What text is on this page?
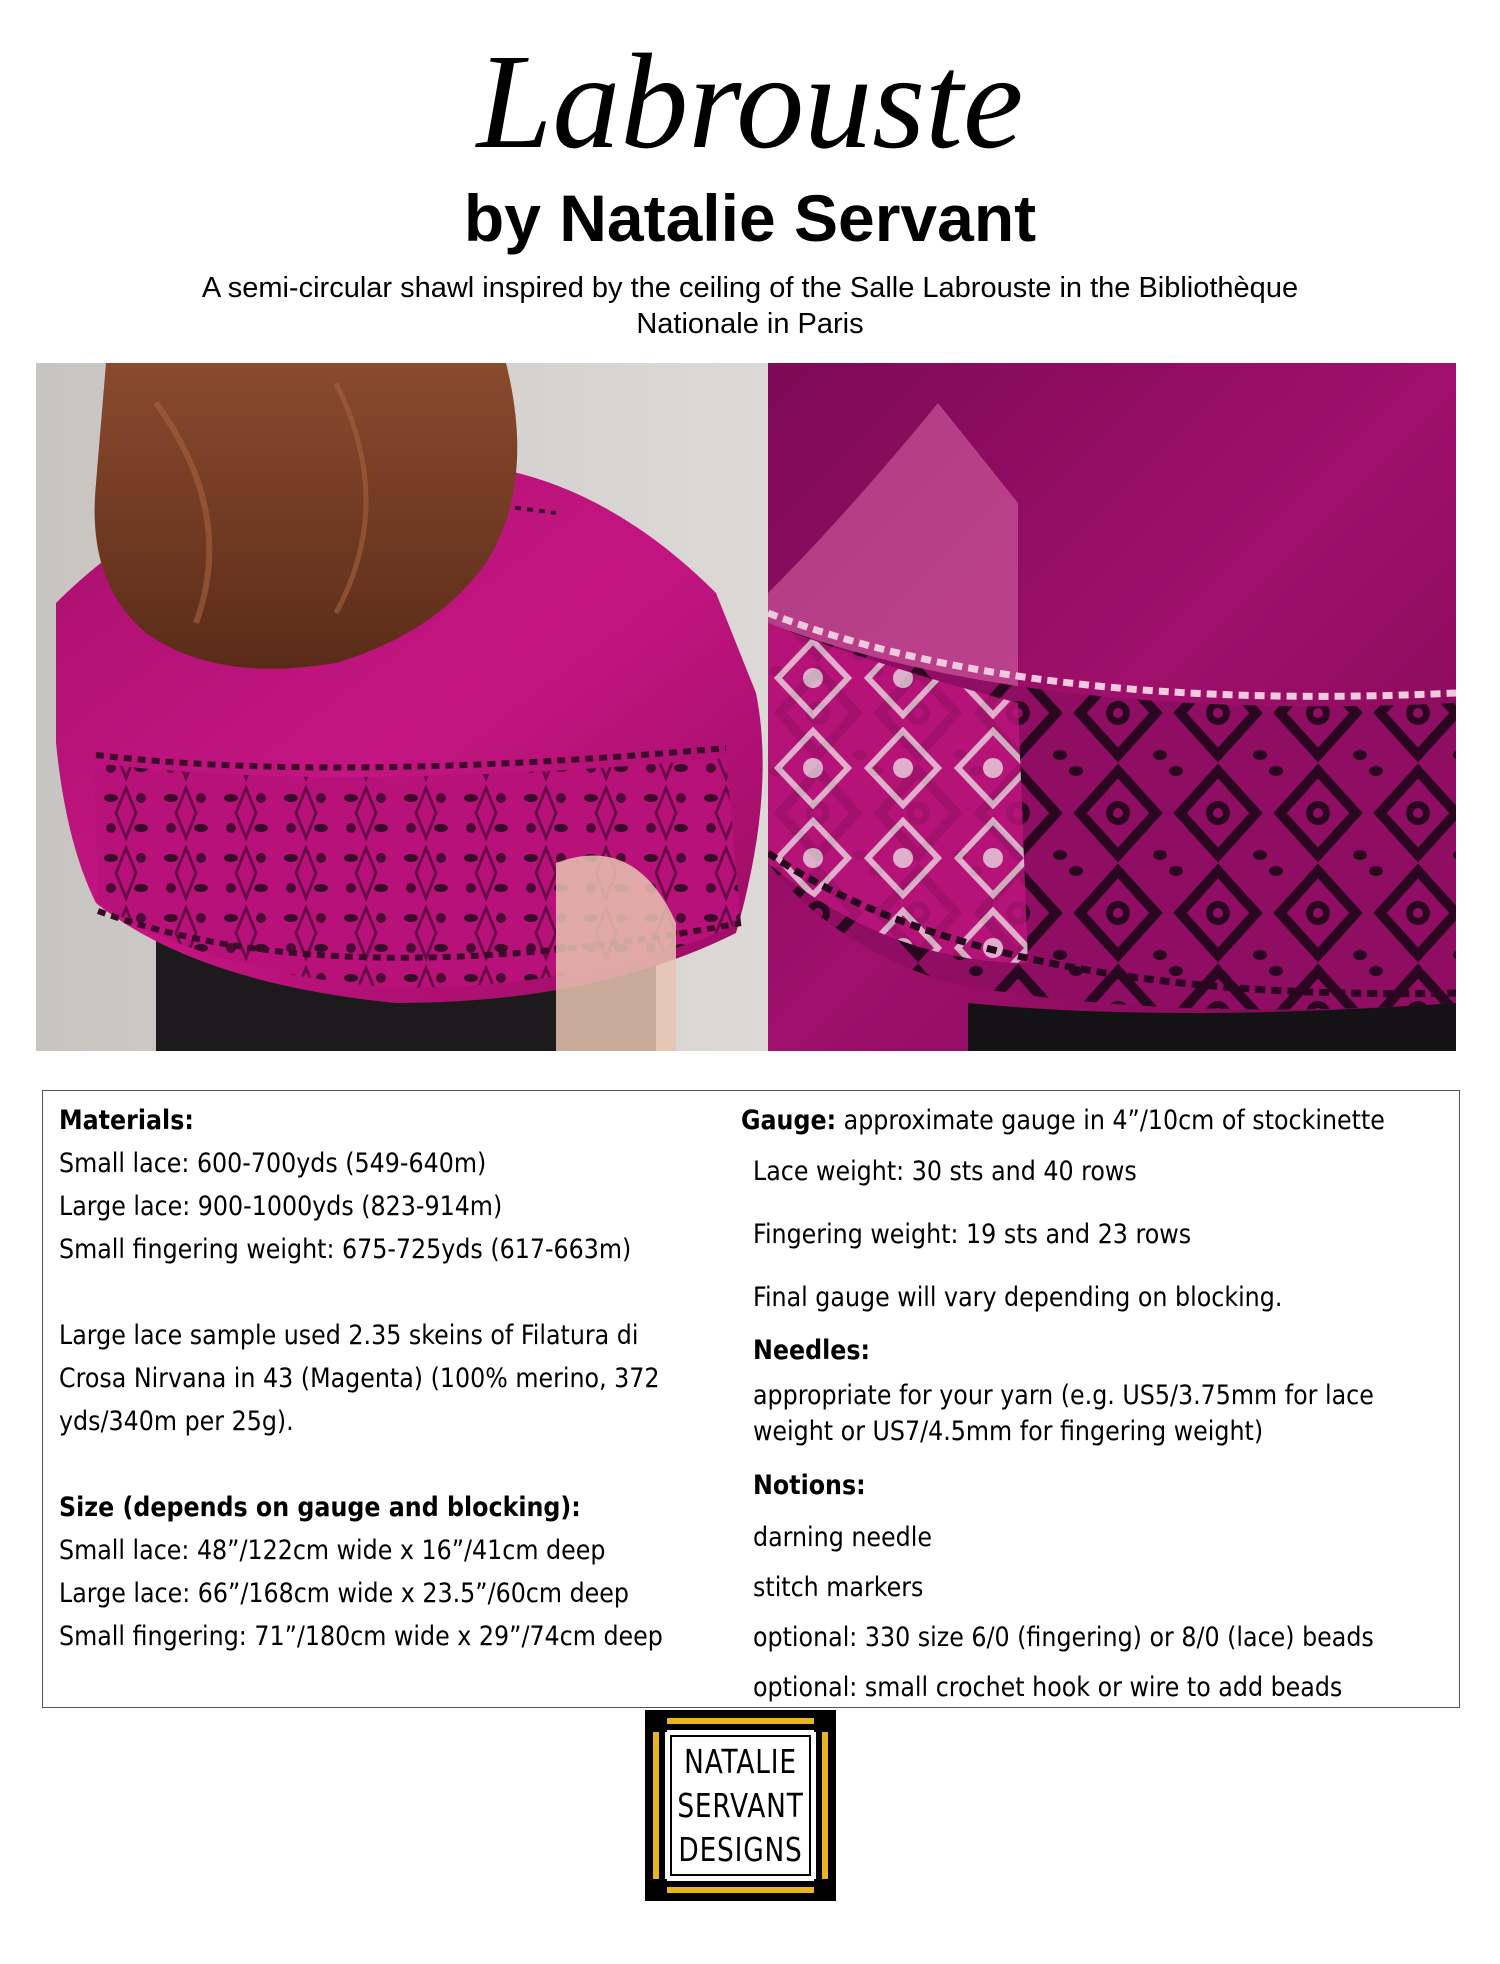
Labrouste
by Natalie Servant
A semi-circular shawl inspired by the ceiling of the Salle Labrouste in the Bibliothèque
Nationale in Paris
Materials:
Small lace: 600-700yds (549-640m)
Large lace: 900-1000yds (823-914m)
Small fingering weight: 675-725yds (617-663m)
Large lace sample used 2.35 skeins of Filatura di
Crosa Nirvana in 43 (Magenta) (100% merino, 372
yds/340m per 25g).
Size (depends on gauge and blocking):
Small lace: 48”/122cm wide x 16”/41cm deep
Large lace: 66”/168cm wide x 23.5”/60cm deep
Small fingering: 71”/180cm wide x 29”/74cm deep
Gauge: approximate gauge in 4”/10cm of stockinette
Lace weight: 30 sts and 40 rows
Fingering weight: 19 sts and 23 rows
Final gauge will vary depending on blocking.
Needles:
appropriate for your yarn (e.g. US5/3.75mm for lace
weight or US7/4.5mm for fingering weight)
Notions:
darning needle
stitch markers
optional: 330 size 6/0 (fingering) or 8/0 (lace) beads
optional: small crochet hook or wire to add beads
NATALIE
SERVANT
DESIGNS
